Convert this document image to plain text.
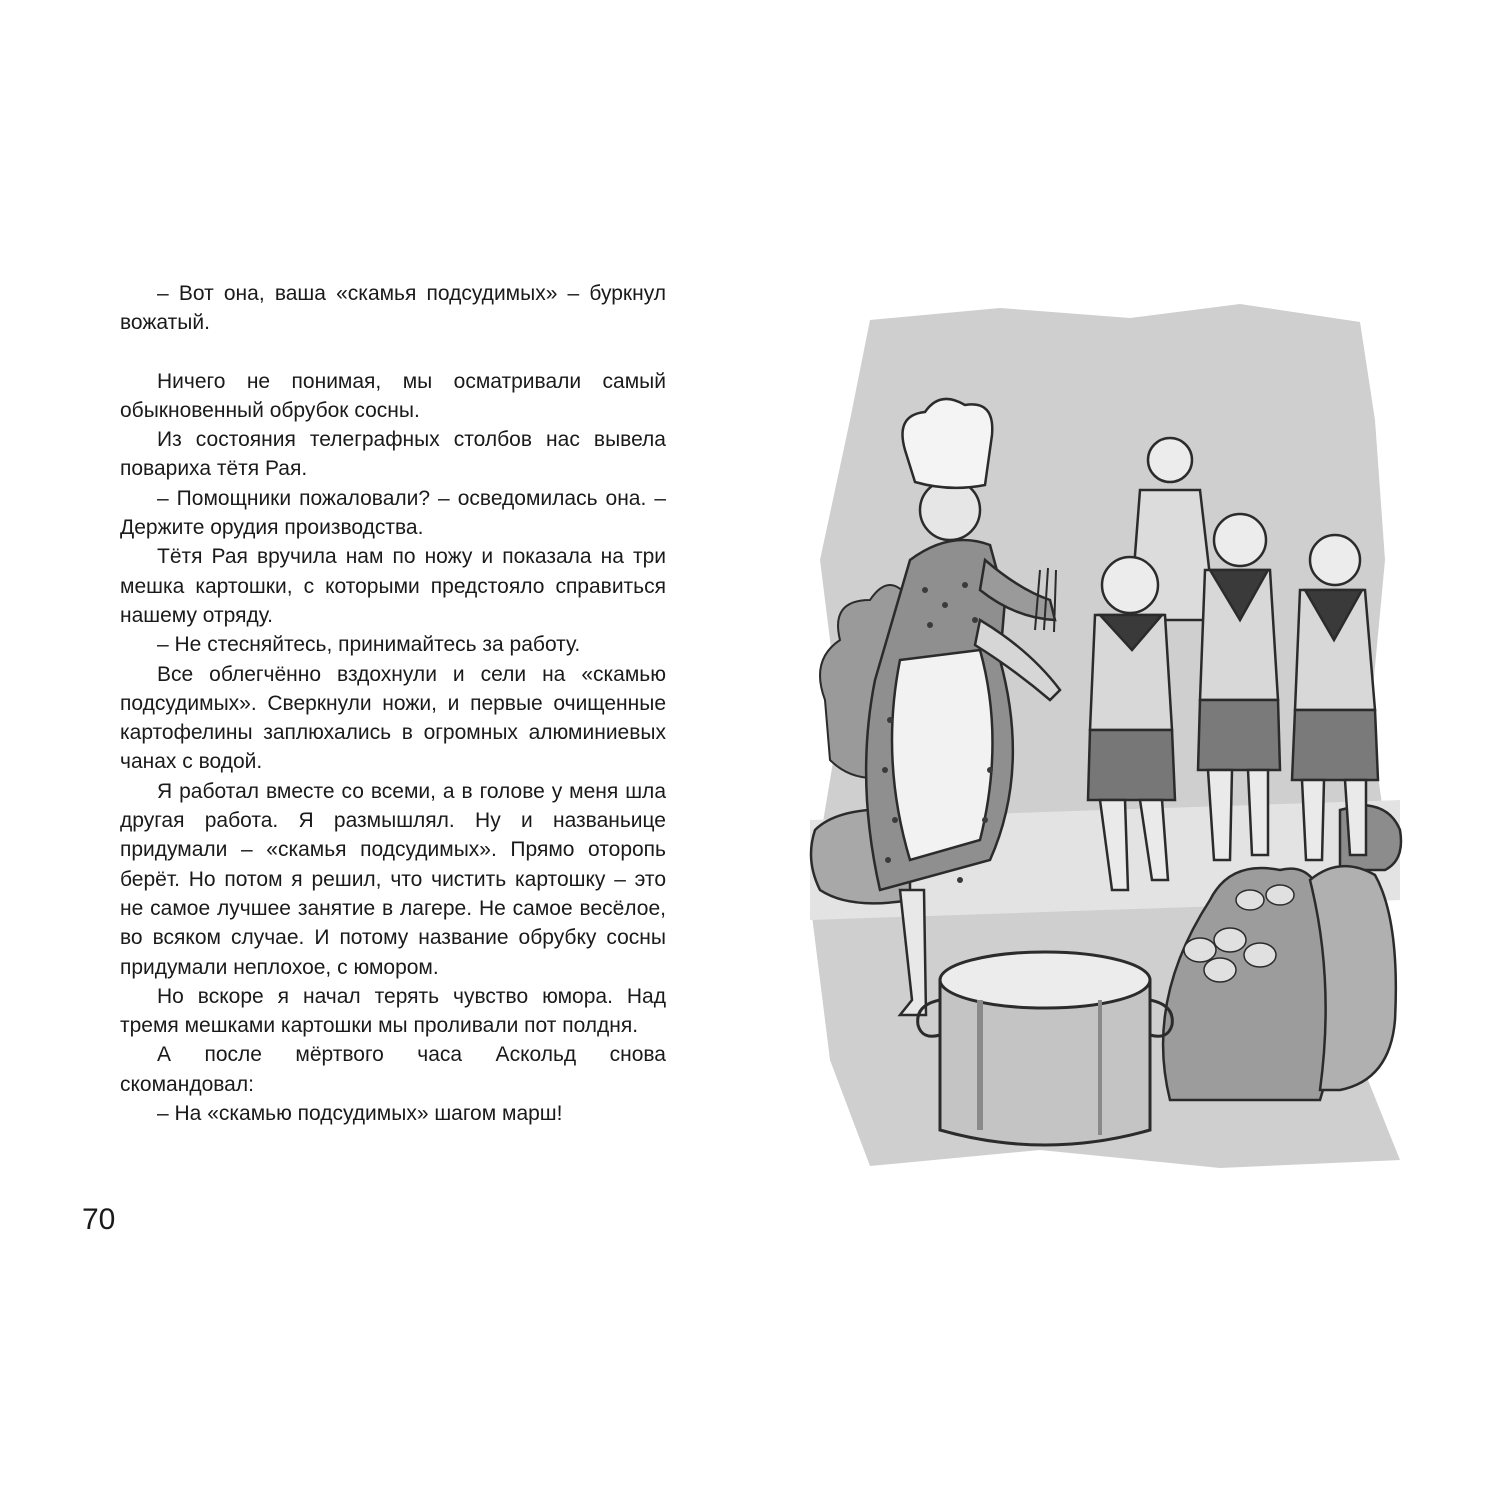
– Вот она, ваша «скамья подсудимых» – буркнул вожатый.

Ничего не понимая, мы осматривали самый обыкновенный обрубок сосны.

Из состояния телеграфных столбов нас вывела повариха тётя Рая.

– Помощники пожаловали? – осведомилась она. – Держите орудия производства.

Тётя Рая вручила нам по ножу и показала на три мешка картошки, с которыми предстояло справиться нашему отряду.

– Не стесняйтесь, принимайтесь за работу.

Все облегчённо вздохнули и сели на «скамью подсудимых». Сверкнули ножи, и первые очищенные картофелины заплюхались в огромных алюминиевых чанах с водой.

Я работал вместе со всеми, а в голове у меня шла другая работа. Я размышлял. Ну и названьице придумали – «скамья подсудимых». Прямо оторопь берёт. Но потом я решил, что чистить картошку – это не самое лучшее занятие в лагере. Не самое весёлое, во всяком случае. И потому название обрубку сосны придумали неплохое, с юмором.

Но вскоре я начал терять чувство юмора. Над тремя мешками картошки мы проливали пот полдня.

А после мёртвого часа Аскольд снова скомандовал:

– На «скамью подсудимых» шагом марш!

70
